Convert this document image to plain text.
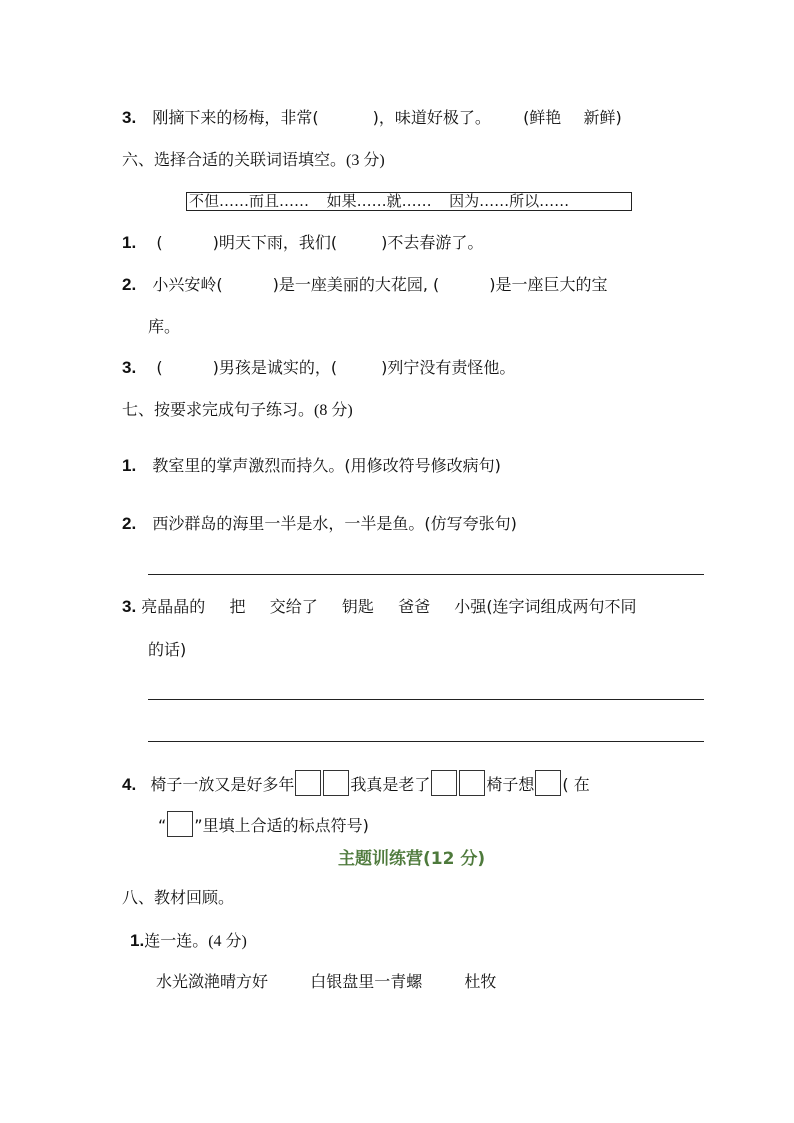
3. 刚摘下来的杨梅，非常(	)，味道好极了。 (鲜艳 新鲜)
六、选择合适的关联词语填空。(3 分)
不但……而且…… 如果……就…… 因为……所以……
1. (	)明天下雨，我们(	)不去春游了。
2. 小兴安岭(	)是一座美丽的大花园, (	)是一座巨大的宝
库。
3. (	)男孩是诚实的，(	)列宁没有责怪他。
七、按要求完成句子练习。(8 分)
1. 教室里的掌声激烈而持久。(用修改符号修改病句)
2. 西沙群岛的海里一半是水，一半是鱼。(仿写夸张句)
3. 亮晶晶的 把 交给了 钥匙 爸爸 小强(连字词组成两句不同
的话)
4. 椅子一放又是好多年	我真是老了	椅子想 ( 在
“ ”里填上合适的标点符号)
主题训练营(12 分)
八、教材回顾。
1.连一连。(4 分)
水光潋滟晴方好	白银盘里一青螺	杜牧
